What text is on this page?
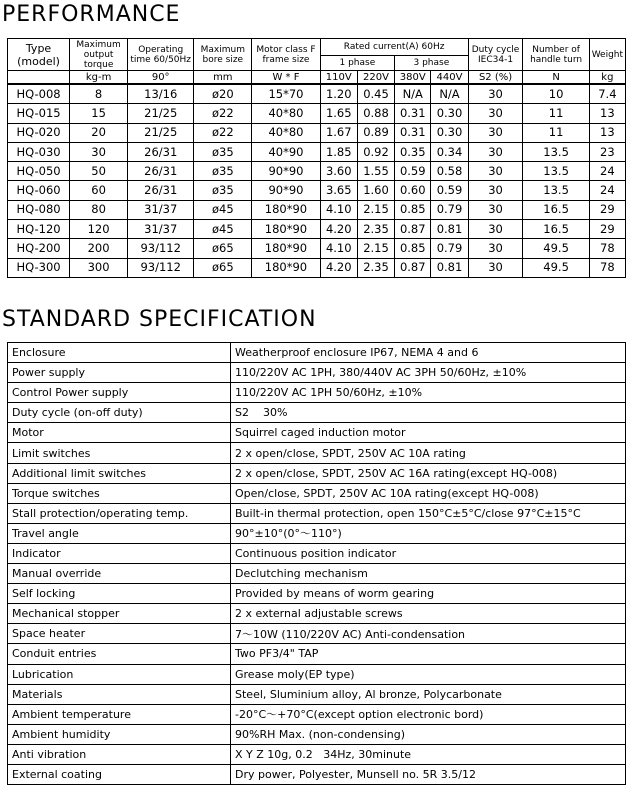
PERFORMANCE
Type (model)	Maximum output torque	Operating time 60/50Hz	Maximum bore size	Motor class F frame size	Rated current(A) 60Hz				Duty cycle IEC34-1	Number of handle turn	Weight
					1 phase		3 phase				
	kg-m	90°	mm	W * F	110V	220V	380V	440V	S2 (%)	N	kg
HQ-008	8	13/16	ø20	15*70	1.20	0.45	N/A	N/A	30	10	7.4
HQ-015	15	21/25	ø22	40*80	1.65	0.88	0.31	0.30	30	11	13
HQ-020	20	21/25	ø22	40*80	1.67	0.89	0.31	0.30	30	11	13
HQ-030	30	26/31	ø35	40*90	1.85	0.92	0.35	0.34	30	13.5	23
HQ-050	50	26/31	ø35	90*90	3.60	1.55	0.59	0.58	30	13.5	24
HQ-060	60	26/31	ø35	90*90	3.65	1.60	0.60	0.59	30	13.5	24
HQ-080	80	31/37	ø45	180*90	4.10	2.15	0.85	0.79	30	16.5	29
HQ-120	120	31/37	ø45	180*90	4.20	2.35	0.87	0.81	30	16.5	29
HQ-200	200	93/112	ø65	180*90	4.10	2.15	0.85	0.79	30	49.5	78
HQ-300	300	93/112	ø65	180*90	4.20	2.35	0.87	0.81	30	49.5	78
STANDARD SPECIFICATION
Enclosure	Weatherproof enclosure IP67, NEMA 4 and 6
Power supply	110/220V AC 1PH, 380/440V AC 3PH 50/60Hz, ±10%
Control Power supply	110/220V AC 1PH 50/60Hz, ±10%
Duty cycle (on-off duty)	S2    30%
Motor	Squirrel caged induction motor
Limit switches	2 x open/close, SPDT, 250V AC 10A rating
Additional limit switches	2 x open/close, SPDT, 250V AC 16A rating(except HQ-008)
Torque switches	Open/close, SPDT, 250V AC 10A rating(except HQ-008)
Stall protection/operating temp.	Built-in thermal protection, open 150°C±5°C/close 97°C±15°C
Travel angle	90°±10°(0°～110°)
Indicator	Continuous position indicator
Manual override	Declutching mechanism
Self locking	Provided by means of worm gearing
Mechanical stopper	2 x external adjustable screws
Space heater	7～10W (110/220V AC) Anti-condensation
Conduit entries	Two PF3/4" TAP
Lubrication	Grease moly(EP type)
Materials	Steel, Sluminium alloy, Al bronze, Polycarbonate
Ambient temperature	-20°C～+70°C(except option electronic bord)
Ambient humidity	90%RH Max. (non-condensing)
Anti vibration	X Y Z 10g, 0.2   34Hz, 30minute
External coating	Dry power, Polyester, Munsell no. 5R 3.5/12
